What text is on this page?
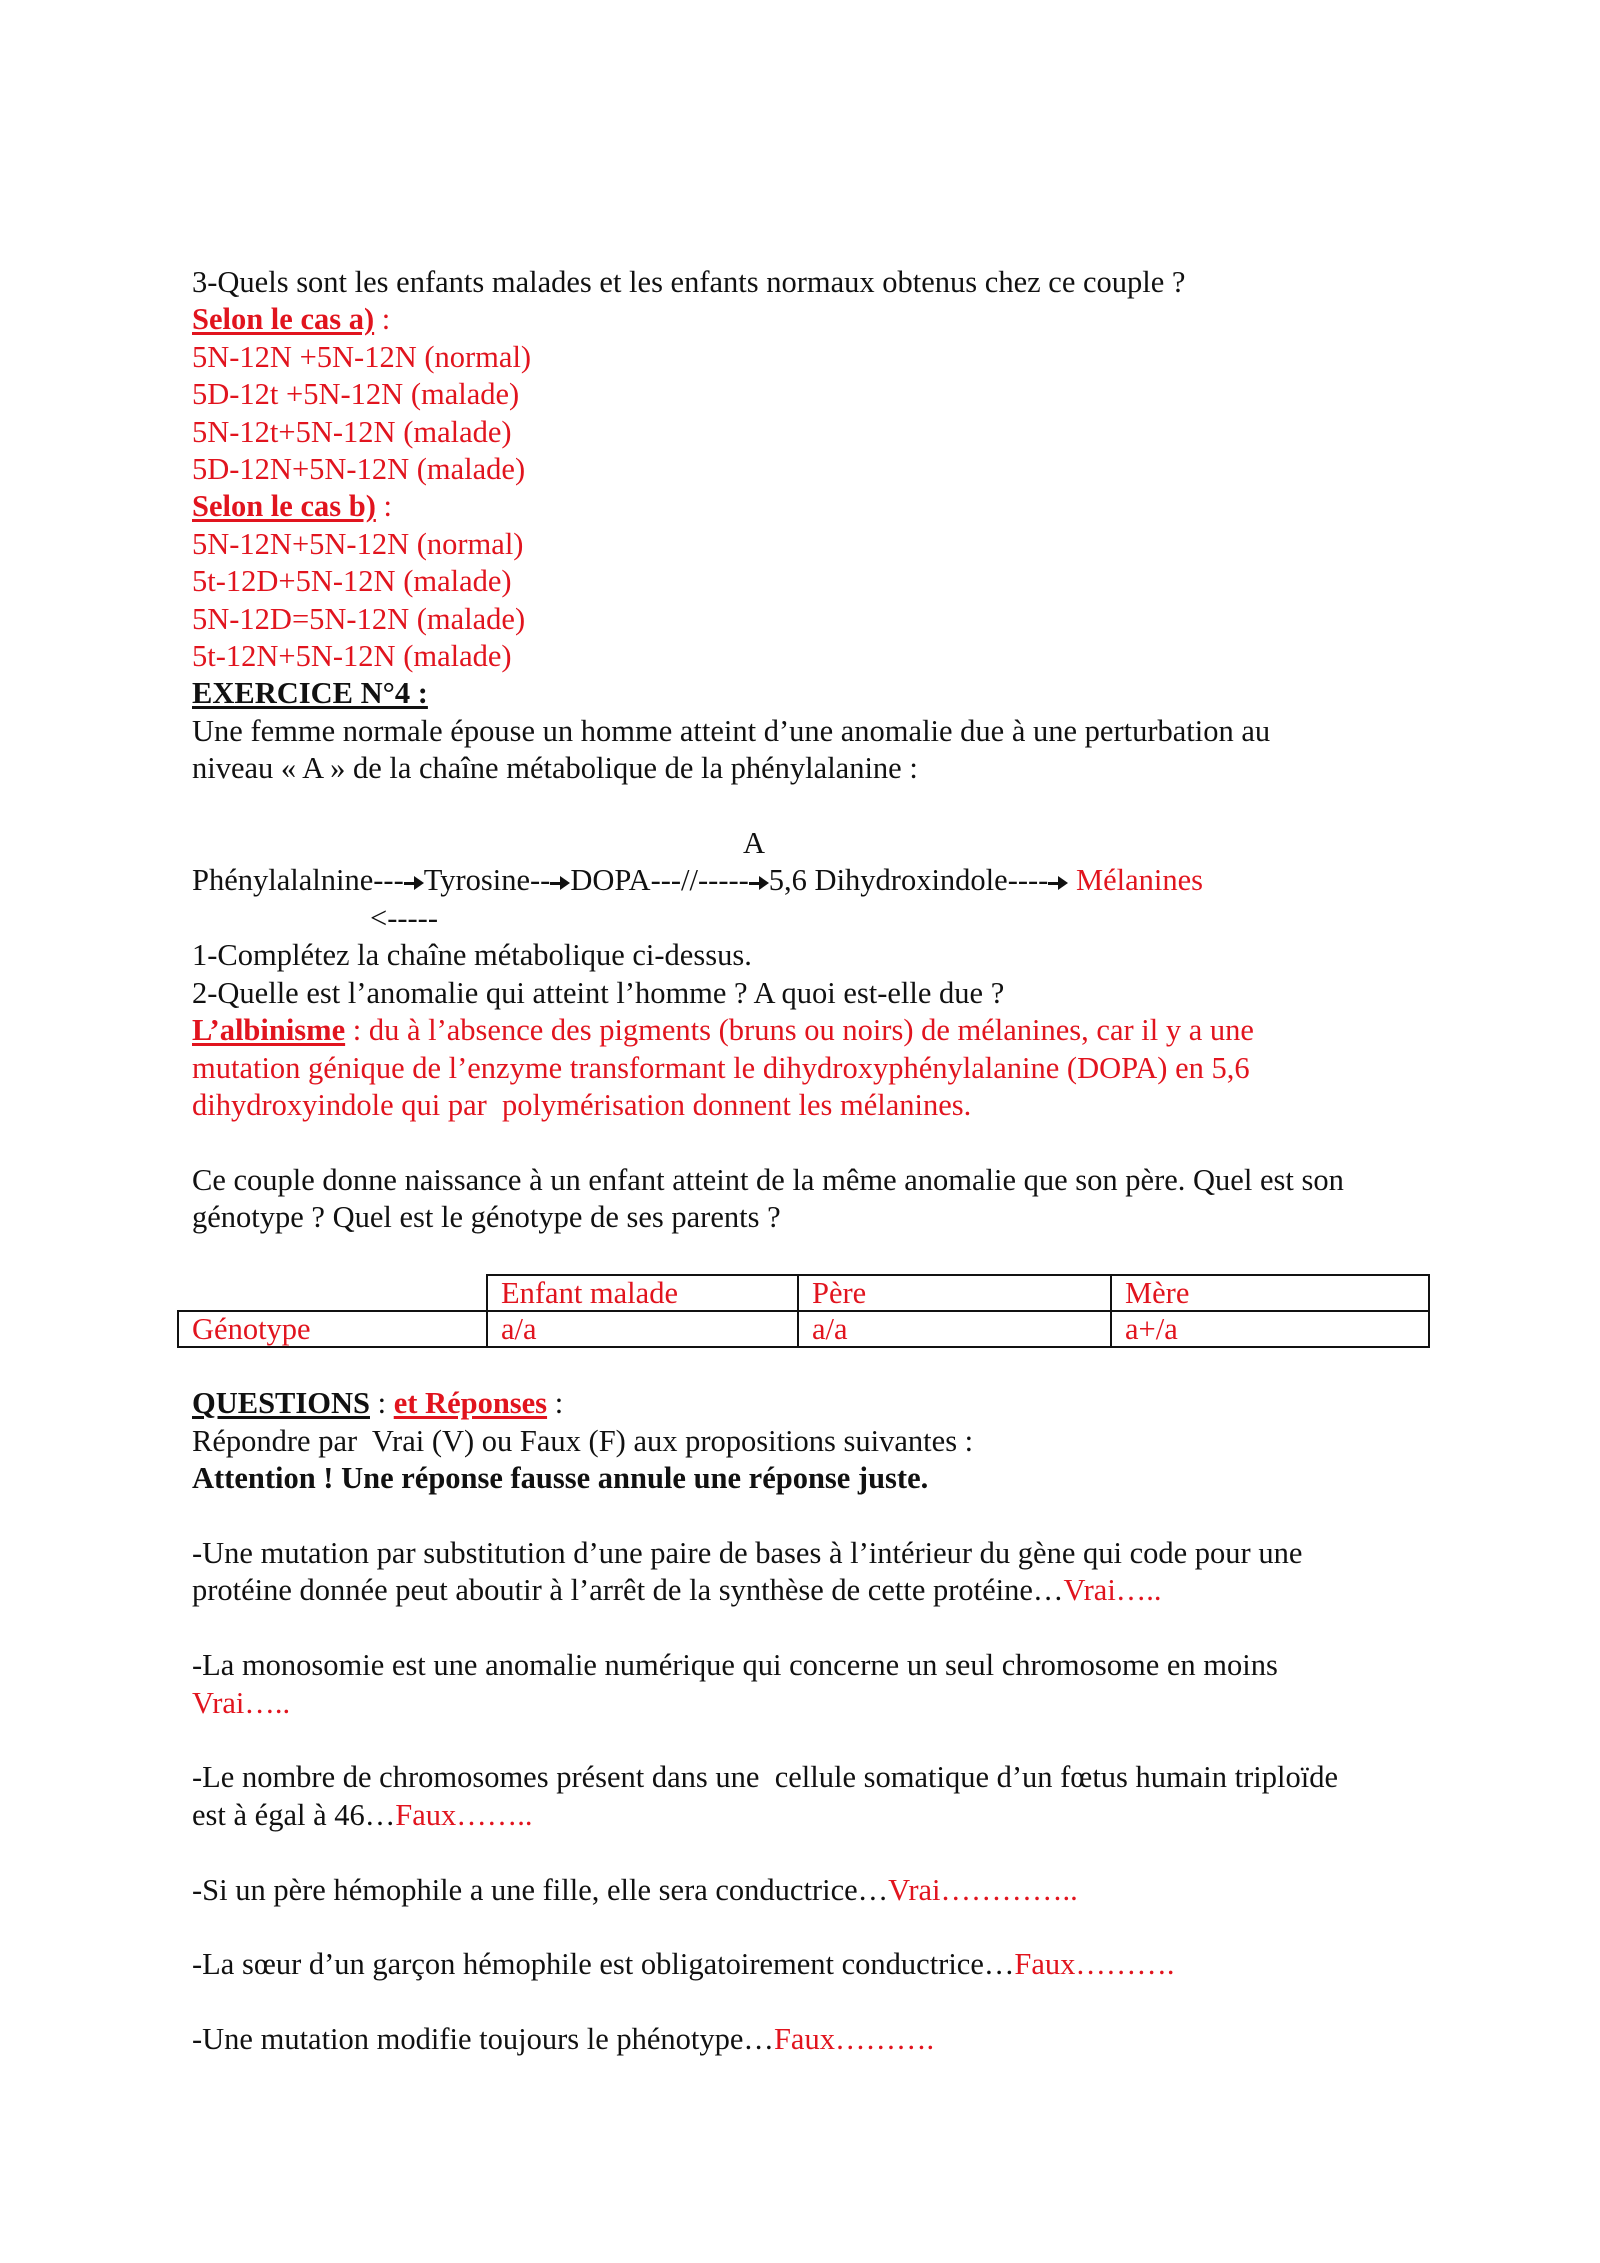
3-Quels sont les enfants malades et les enfants normaux obtenus chez ce couple ?

Selon le cas a) :

5N-12N +5N-12N (normal)

5D-12t +5N-12N (malade)

5N-12t+5N-12N (malade)

5D-12N+5N-12N (malade)

Selon le cas b) :

5N-12N+5N-12N (normal)

5t-12D+5N-12N (malade)

5N-12D=5N-12N (malade)

5t-12N+5N-12N (malade)

EXERCICE N°4 :

Une femme normale épouse un homme atteint d’une anomalie due à une perturbation au

niveau « A » de la chaîne métabolique de la phénylalanine :

A

Phénylalalnine--- Tyrosine-- DOPA---//----- 5,6 Dihydroxindole---- Mélanines

<-----

1-Complétez la chaîne métabolique ci-dessus.

2-Quelle est l’anomalie qui atteint l’homme ? A quoi est-elle due ?

L’albinisme : du à l’absence des pigments (bruns ou noirs) de mélanines, car il y a une

mutation génique de l’enzyme transformant le dihydroxyphénylalanine (DOPA) en 5,6

dihydroxyindole qui par  polymérisation donnent les mélanines.

Ce couple donne naissance à un enfant atteint de la même anomalie que son père. Quel est son

génotype ? Quel est le génotype de ses parents ?

	Enfant malade	Père	Mère
Génotype	a/a	a/a	a+/a

QUESTIONS : et Réponses :

Répondre par  Vrai (V) ou Faux (F) aux propositions suivantes :

Attention ! Une réponse fausse annule une réponse juste.

-Une mutation par substitution d’une paire de bases à l’intérieur du gène qui code pour une

protéine donnée peut aboutir à l’arrêt de la synthèse de cette protéine…Vrai…..

-La monosomie est une anomalie numérique qui concerne un seul chromosome en moins

Vrai…..

-Le nombre de chromosomes présent dans une  cellule somatique d’un fœtus humain triploïde

est à égal à 46…Faux……..

-Si un père hémophile a une fille, elle sera conductrice…Vrai…………..

-La sœur d’un garçon hémophile est obligatoirement conductrice…Faux……….

-Une mutation modifie toujours le phénotype…Faux……….
